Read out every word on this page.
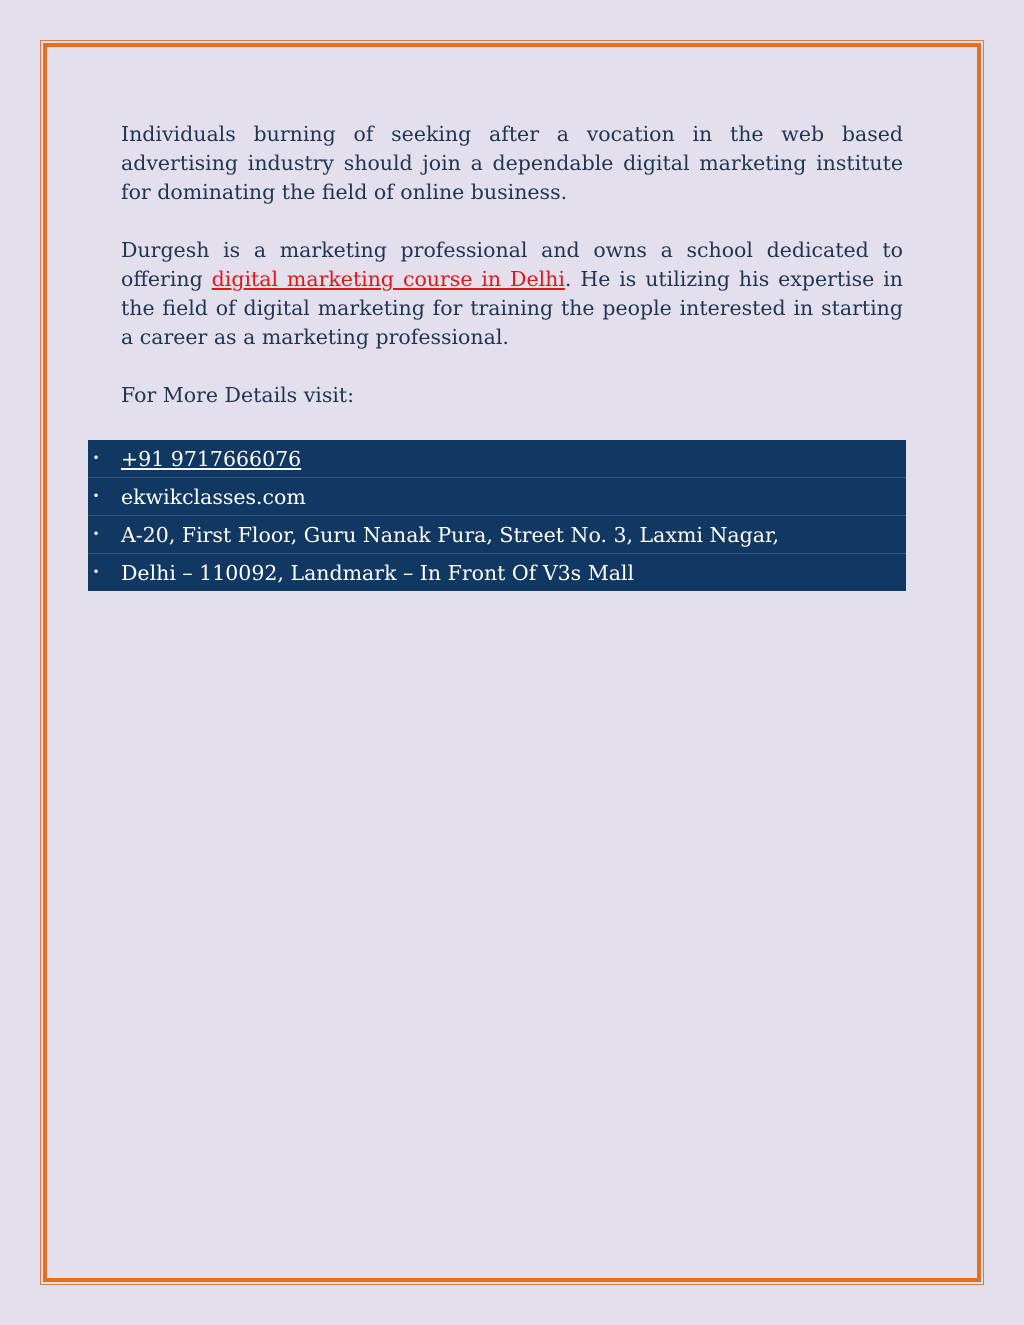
Individuals burning of seeking after a vocation in the web based advertising industry should join a dependable digital marketing institute for dominating the field of online business.

Durgesh is a marketing professional and owns a school dedicated to offering digital marketing course in Delhi. He is utilizing his expertise in the field of digital marketing for training the people interested in starting a career as a marketing professional.

For More Details visit:

• +91 9717666076
• ekwikclasses.com
• A-20, First Floor, Guru Nanak Pura, Street No. 3, Laxmi Nagar,
• Delhi – 110092, Landmark – In Front Of V3s Mall
